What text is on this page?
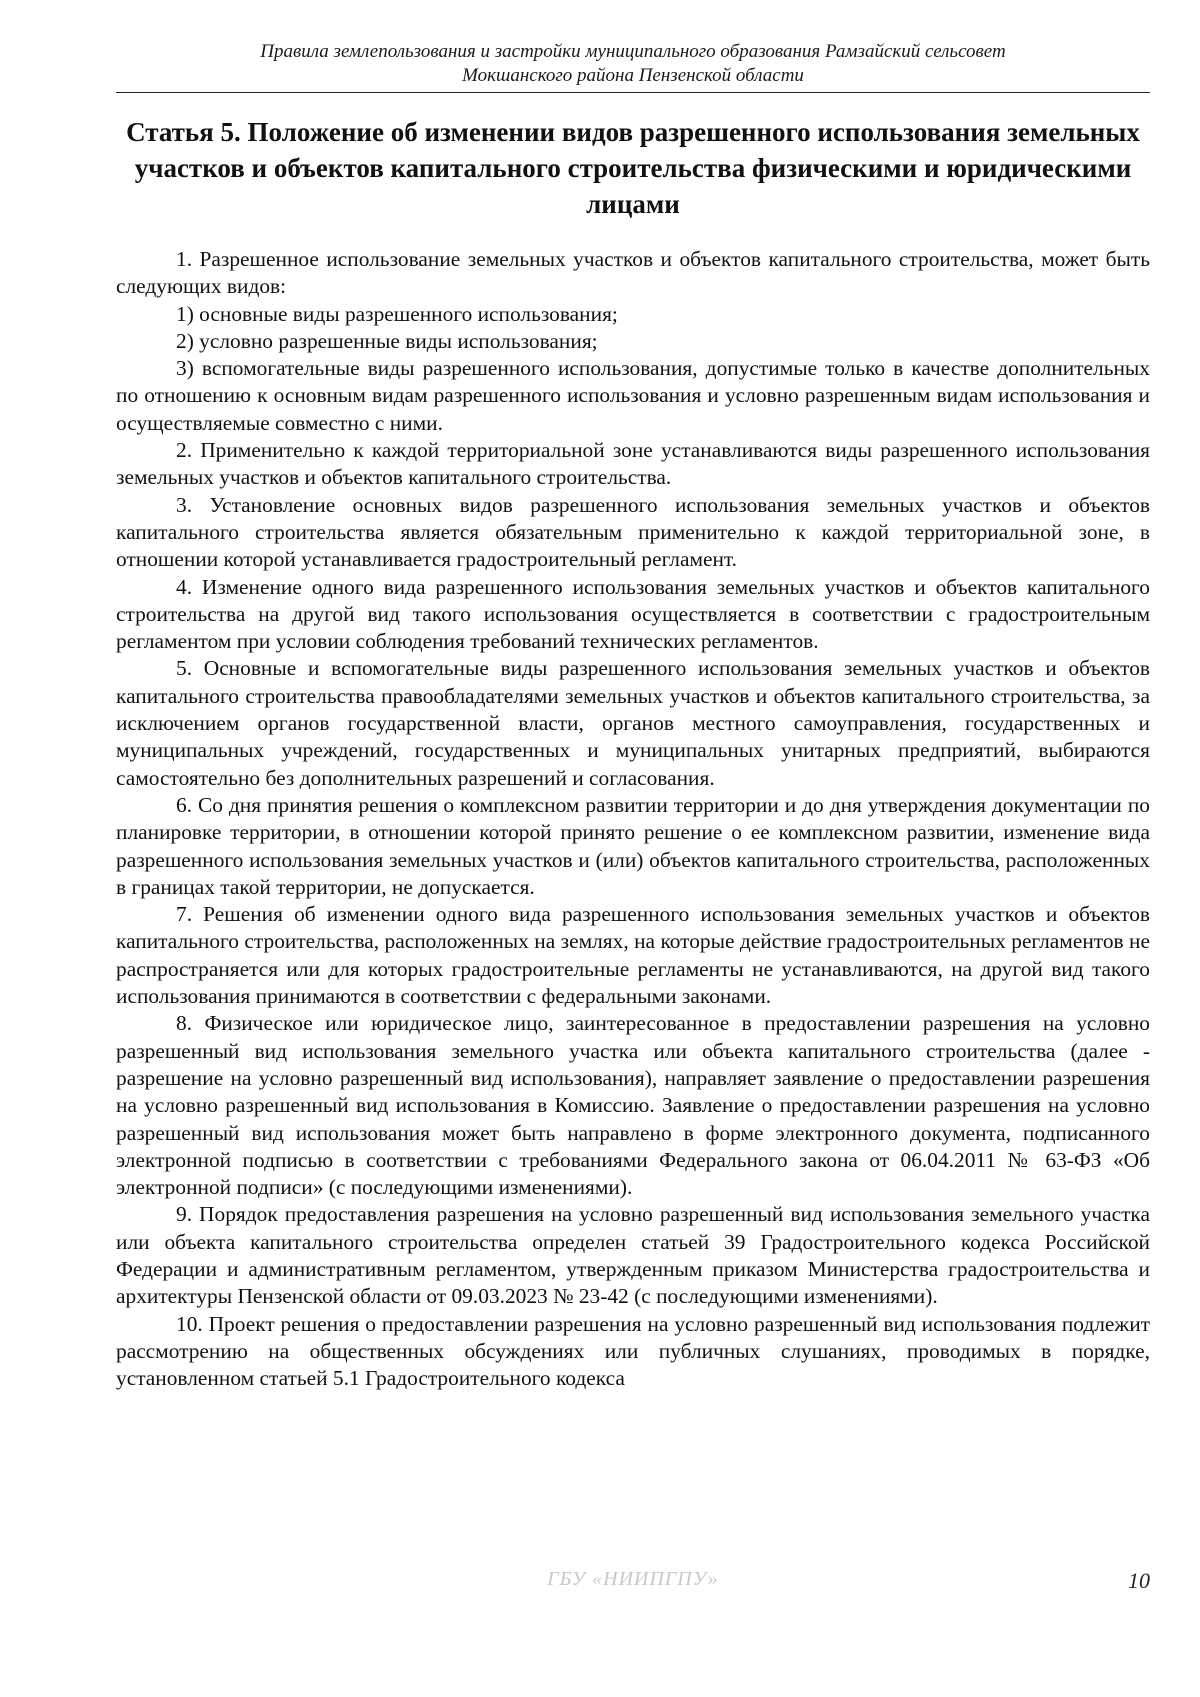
Правила землепользования и застройки муниципального образования Рамзайский сельсовет
Мокшанского района Пензенской области
Статья 5. Положение об изменении видов разрешенного использования земельных участков и объектов капитального строительства физическими и юридическими лицами

1. Разрешенное использование земельных участков и объектов капитального строительства, может быть следующих видов:

1) основные виды разрешенного использования;

2) условно разрешенные виды использования;

3) вспомогательные виды разрешенного использования, допустимые только в качестве дополнительных по отношению к основным видам разрешенного использования и условно разрешенным видам использования и осуществляемые совместно с ними.

2. Применительно к каждой территориальной зоне устанавливаются виды разрешенного использования земельных участков и объектов капитального строительства.

3. Установление основных видов разрешенного использования земельных участков и объектов капитального строительства является обязательным применительно к каждой территориальной зоне, в отношении которой устанавливается градостроительный регламент.

4. Изменение одного вида разрешенного использования земельных участков и объектов капитального строительства на другой вид такого использования осуществляется в соответствии с градостроительным регламентом при условии соблюдения требований технических регламентов.

5. Основные и вспомогательные виды разрешенного использования земельных участков и объектов капитального строительства правообладателями земельных участков и объектов капитального строительства, за исключением органов государственной власти, органов местного самоуправления, государственных и муниципальных учреждений, государственных и муниципальных унитарных предприятий, выбираются самостоятельно без дополнительных разрешений и согласования.

6. Со дня принятия решения о комплексном развитии территории и до дня утверждения документации по планировке территории, в отношении которой принято решение о ее комплексном развитии, изменение вида разрешенного использования земельных участков и (или) объектов капитального строительства, расположенных в границах такой территории, не допускается.

7. Решения об изменении одного вида разрешенного использования земельных участков и объектов капитального строительства, расположенных на землях, на которые действие градостроительных регламентов не распространяется или для которых градостроительные регламенты не устанавливаются, на другой вид такого использования принимаются в соответствии с федеральными законами.

8. Физическое или юридическое лицо, заинтересованное в предоставлении разрешения на условно разрешенный вид использования земельного участка или объекта капитального строительства (далее - разрешение на условно разрешенный вид использования), направляет заявление о предоставлении разрешения на условно разрешенный вид использования в Комиссию. Заявление о предоставлении разрешения на условно разрешенный вид использования может быть направлено в форме электронного документа, подписанного электронной подписью в соответствии с требованиями Федерального закона от 06.04.2011 № 63-ФЗ «Об электронной подписи» (с последующими изменениями).

9. Порядок предоставления разрешения на условно разрешенный вид использования земельного участка или объекта капитального строительства определен статьей 39 Градостроительного кодекса Российской Федерации и административным регламентом, утвержденным приказом Министерства градостроительства и архитектуры Пензенской области от 09.03.2023 № 23-42 (с последующими изменениями).

10. Проект решения о предоставлении разрешения на условно разрешенный вид использования подлежит рассмотрению на общественных обсуждениях или публичных слушаниях, проводимых в порядке, установленном статьей 5.1 Градостроительного кодекса

ГБУ «НИИПГПУ»	10
